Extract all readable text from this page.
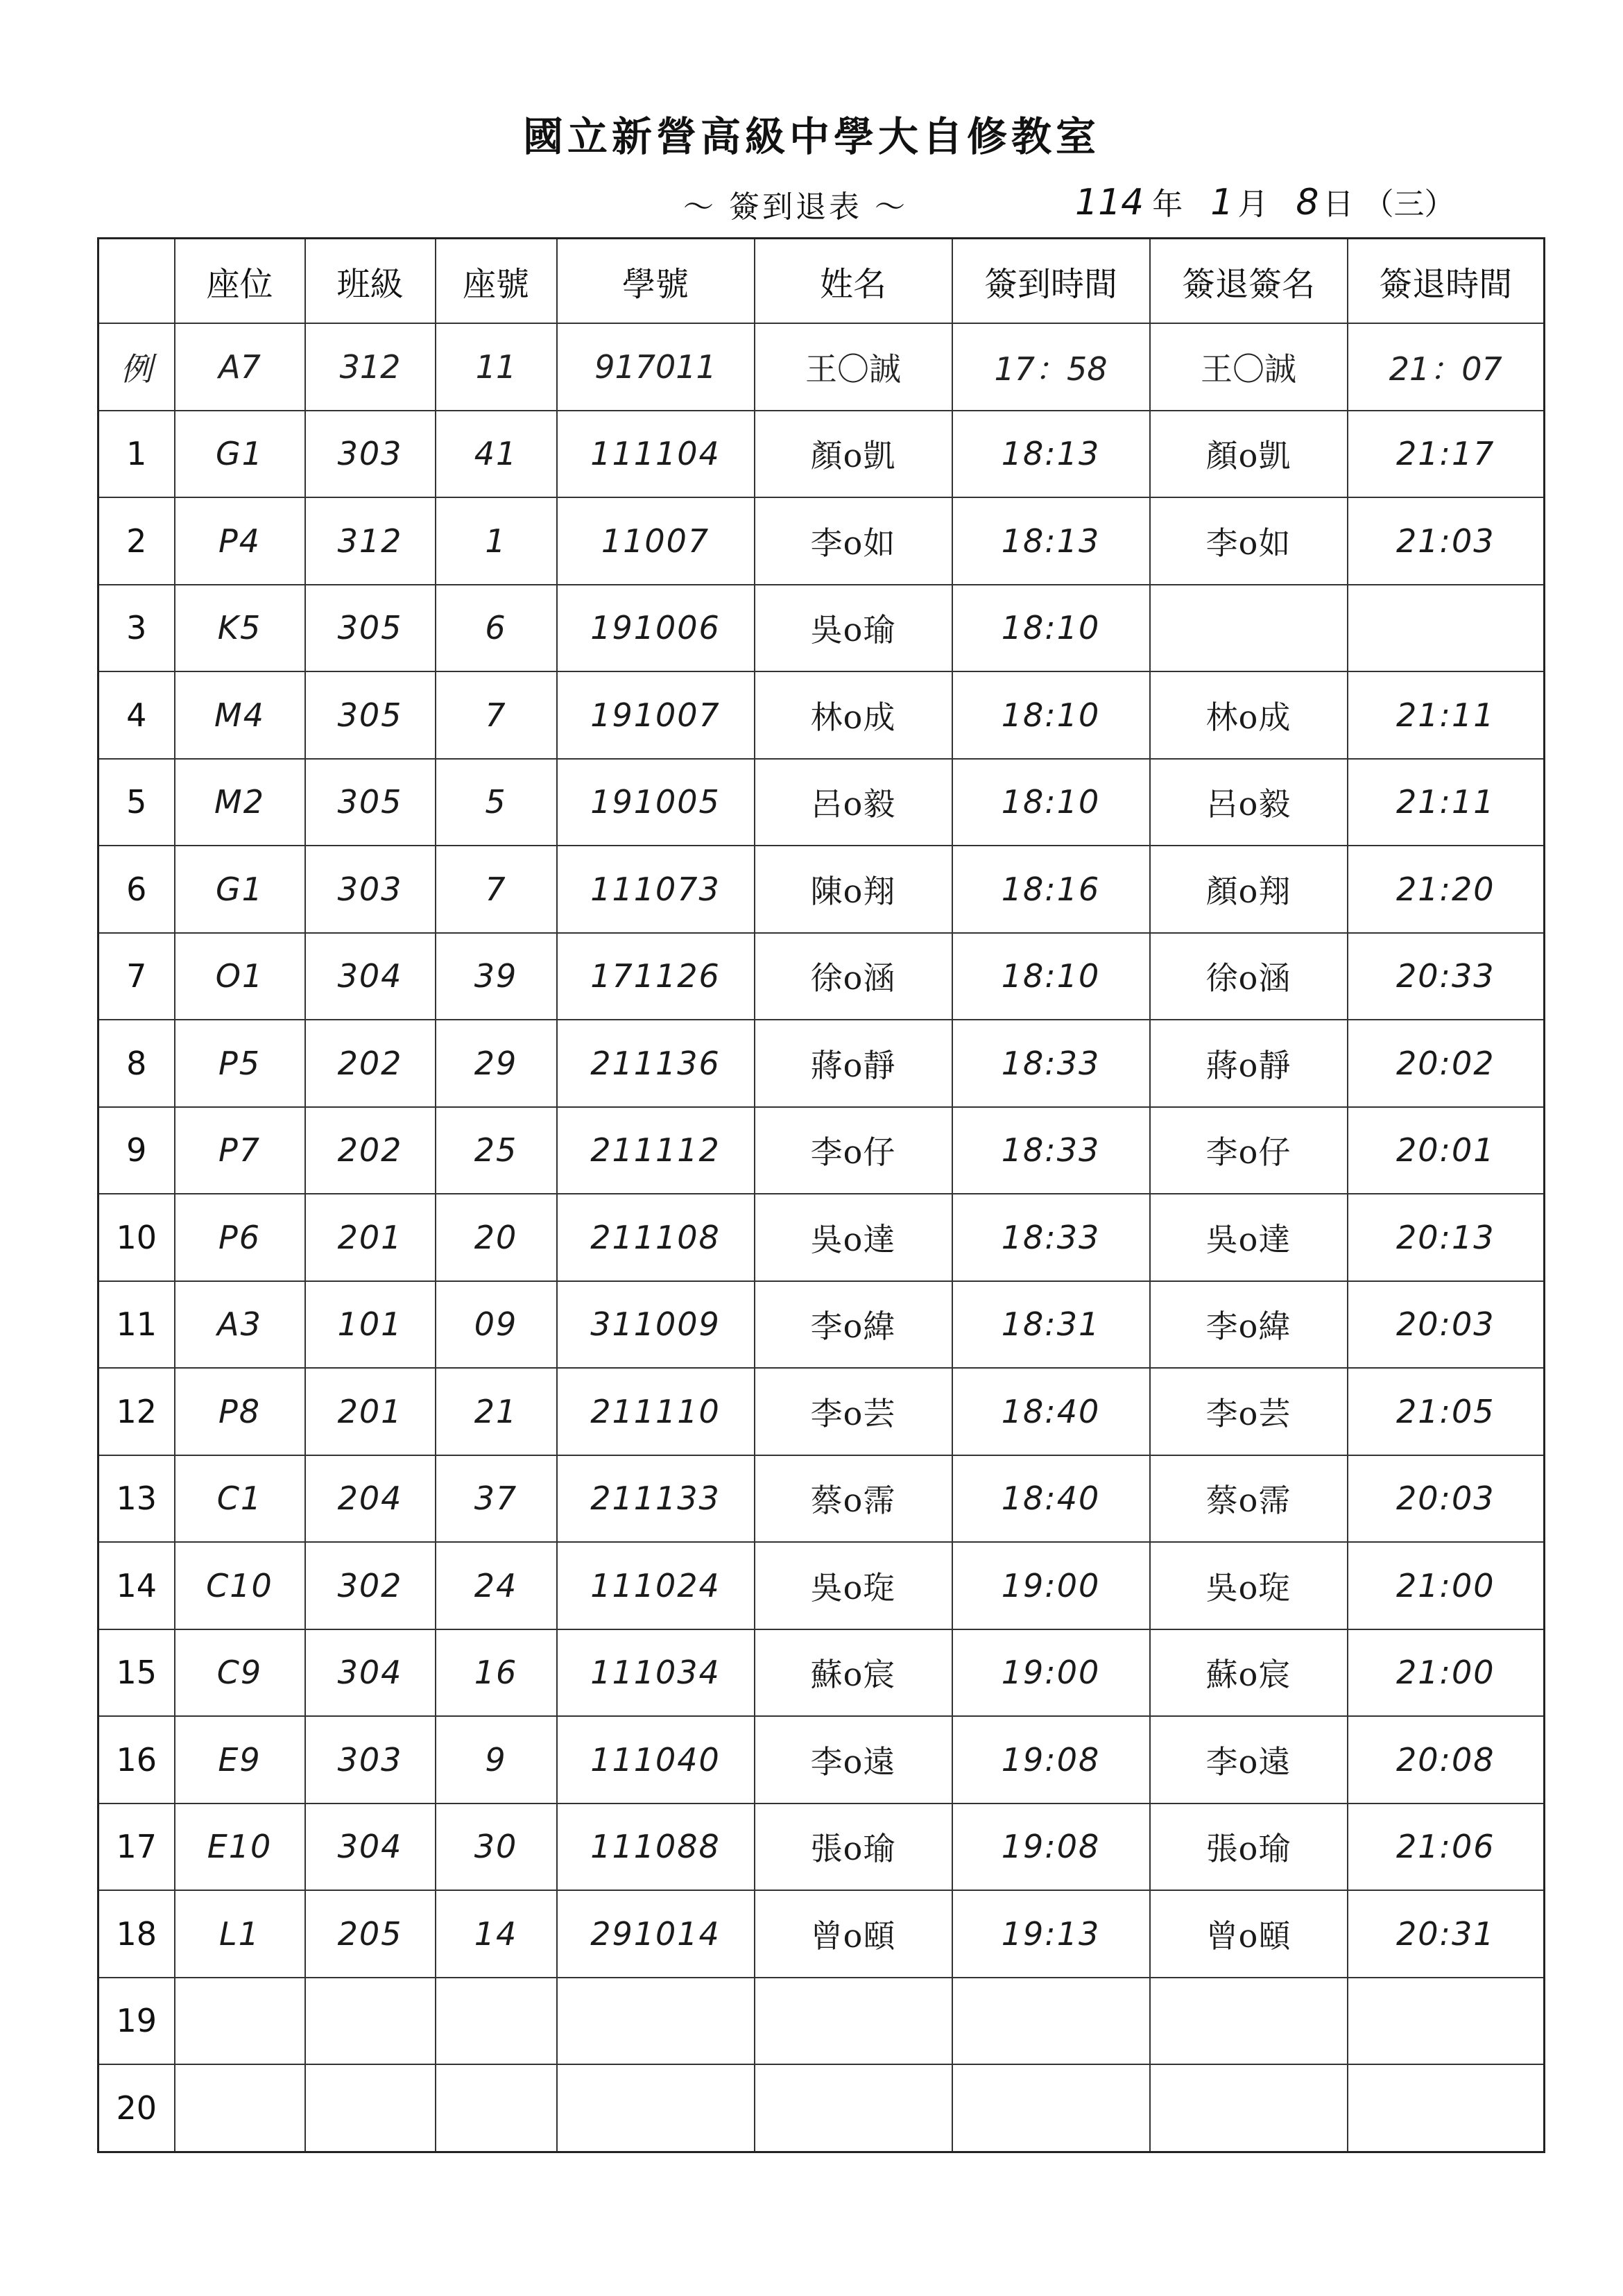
國立新營高級中學大自修教室
～ 簽到退表 ～	114 年 1 月 8 日 （三）
	座位	班級	座號	學號	姓名	簽到時間	簽退簽名	簽退時間
例	A7	312	11	917011	王〇誠	17：58	王〇誠	21：07
1	G1	303	41	111104	顏o凱	18:13	顏o凱	21:17
2	P4	312	1	11007	李o如	18:13	李o如	21:03
3	K5	305	6	191006	吳o瑜	18:10		
4	M4	305	7	191007	林o成	18:10	林o成	21:11
5	M2	305	5	191005	呂o毅	18:10	呂o毅	21:11
6	G1	303	7	111073	陳o翔	18:16	顏o翔	21:20
7	O1	304	39	171126	徐o涵	18:10	徐o涵	20:33
8	P5	202	29	211136	蔣o靜	18:33	蔣o靜	20:02
9	P7	202	25	211112	李o仔	18:33	李o仔	20:01
10	P6	201	20	211108	吳o達	18:33	吳o達	20:13
11	A3	101	09	311009	李o緯	18:31	李o緯	20:03
12	P8	201	21	211110	李o芸	18:40	李o芸	21:05
13	C1	204	37	211133	蔡o霈	18:40	蔡o霈	20:03
14	C10	302	24	111024	吳o琁	19:00	吳o琁	21:00
15	C9	304	16	111034	蘇o宸	19:00	蘇o宸	21:00
16	E9	303	9	111040	李o遠	19:08	李o遠	20:08
17	E10	304	30	111088	張o瑜	19:08	張o瑜	21:06
18	L1	205	14	291014	曾o頤	19:13	曾o頤	20:31
19								
20								
